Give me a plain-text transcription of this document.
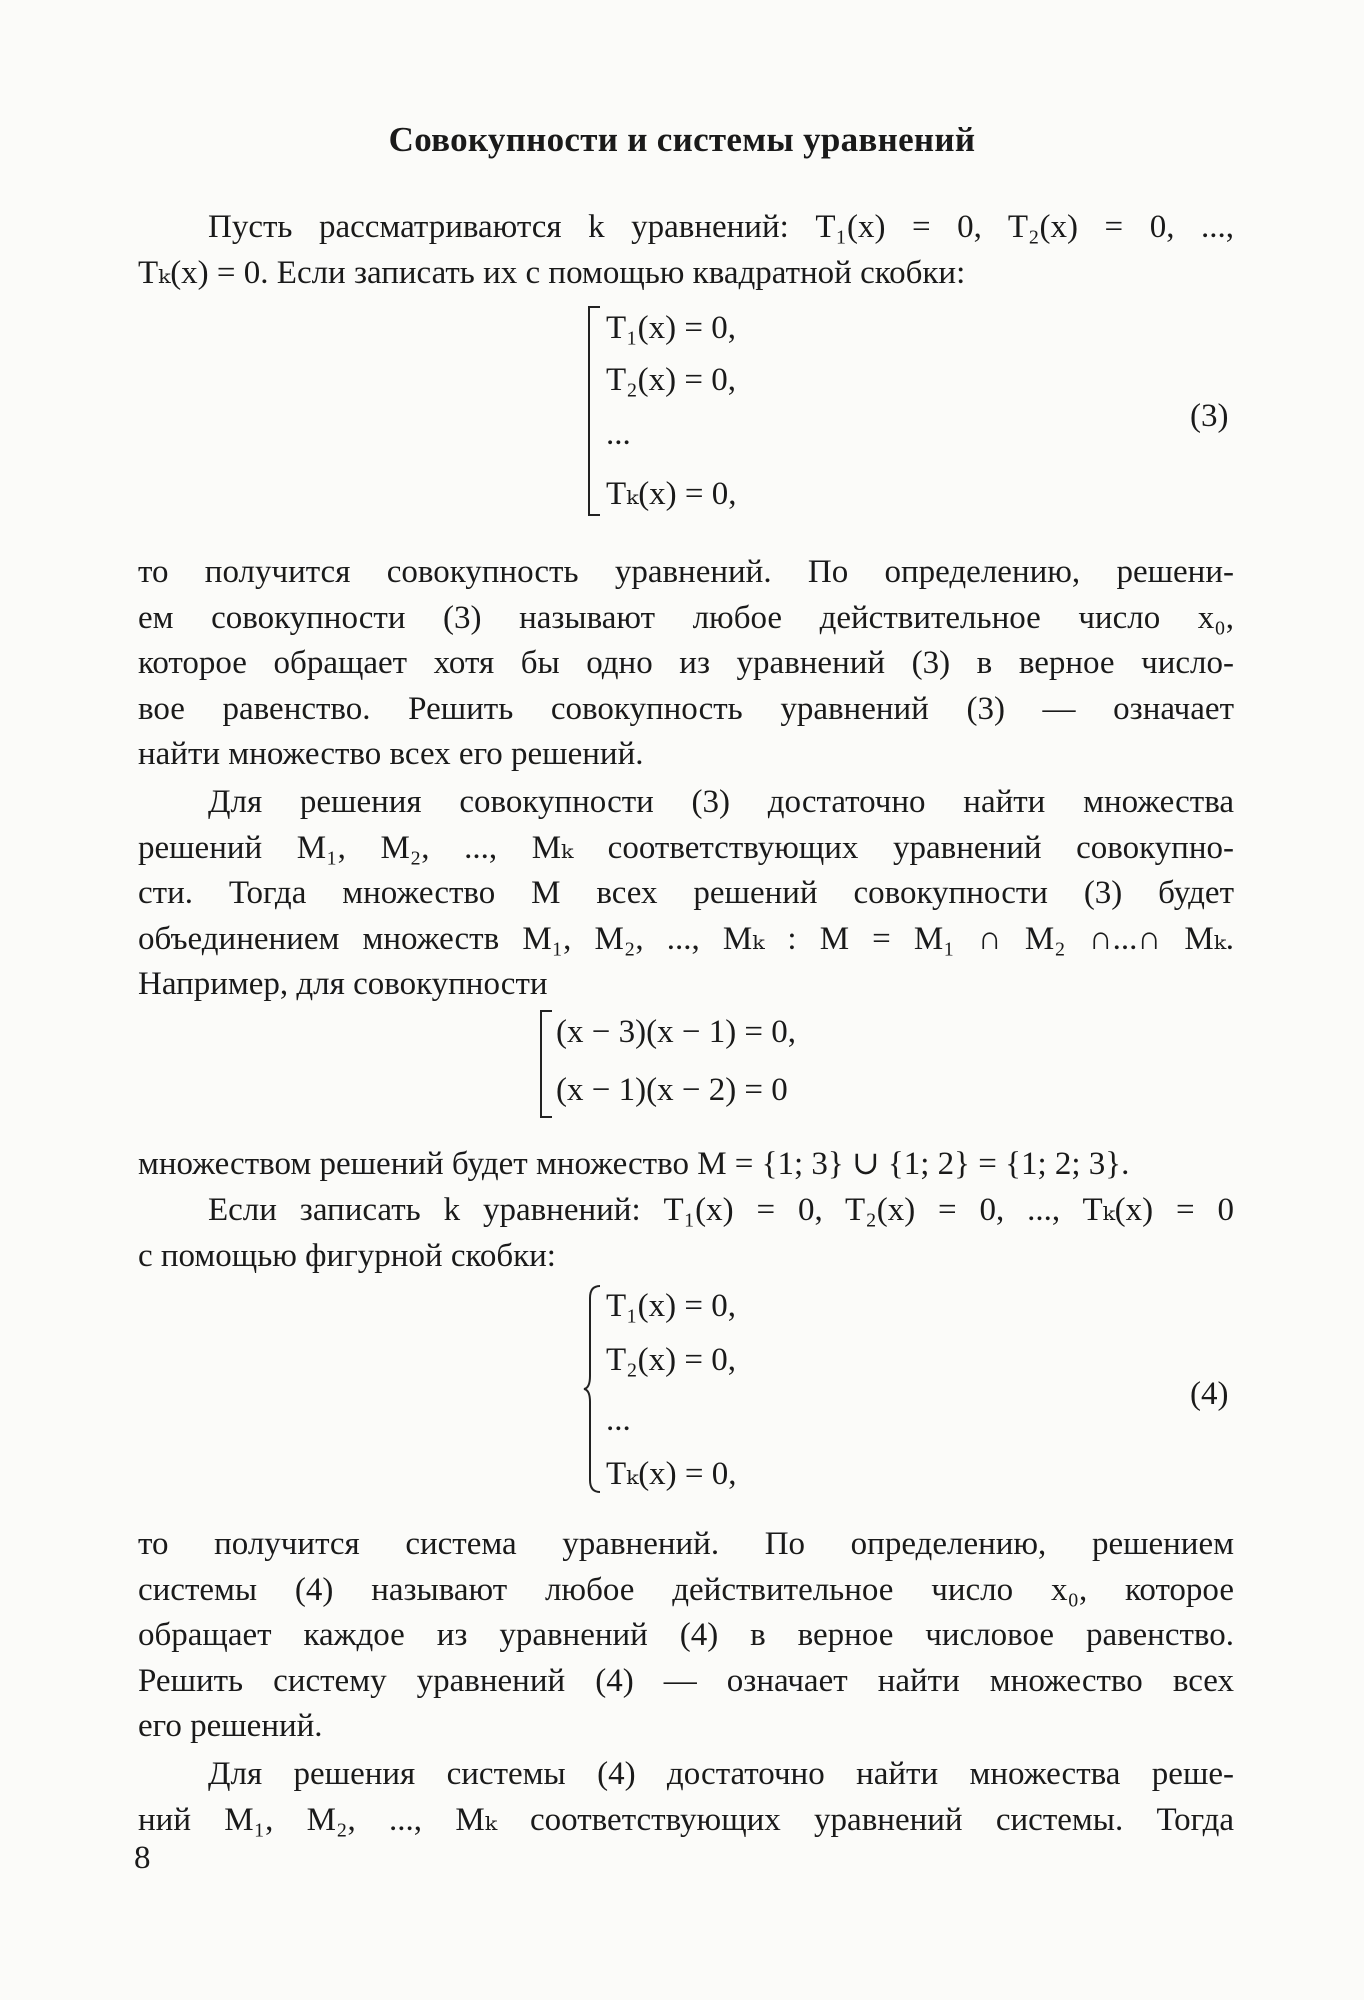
Совокупности и системы уравнений
Пусть рассматриваются k уравнений: T₁(x) = 0, T₂(x) = 0, ...,
Tₖ(x) = 0. Если записать их с помощью квадратной скобки:
T₁(x) = 0,
T₂(x) = 0,
...
Tₖ(x) = 0,
(3)
то получится совокупность уравнений. По определению, решени-
ем совокупности (3) называют любое действительное число x₀,
которое обращает хотя бы одно из уравнений (3) в верное число-
вое равенство. Решить совокупность уравнений (3) — означает
найти множество всех его решений.
Для решения совокупности (3) достаточно найти множества
решений M₁, M₂, ..., Mₖ соответствующих уравнений совокупно-
сти. Тогда множество M всех решений совокупности (3) будет
объединением множеств M₁, M₂, ..., Mₖ : M = M₁ ∩ M₂ ∩...∩ Mₖ.
Например, для совокупности
(x − 3)(x − 1) = 0,
(x − 1)(x − 2) = 0
множеством решений будет множество M = {1; 3} ∪ {1; 2} = {1; 2; 3}.
Если записать k уравнений: T₁(x) = 0, T₂(x) = 0, ..., Tₖ(x) = 0
с помощью фигурной скобки:
T₁(x) = 0,
T₂(x) = 0,
...
Tₖ(x) = 0,
(4)
то получится система уравнений. По определению, решением
системы (4) называют любое действительное число x₀, которое
обращает каждое из уравнений (4) в верное числовое равенство.
Решить систему уравнений (4) — означает найти множество всех
его решений.
Для решения системы (4) достаточно найти множества реше-
ний M₁, M₂, ..., Mₖ соответствующих уравнений системы. Тогда
8
